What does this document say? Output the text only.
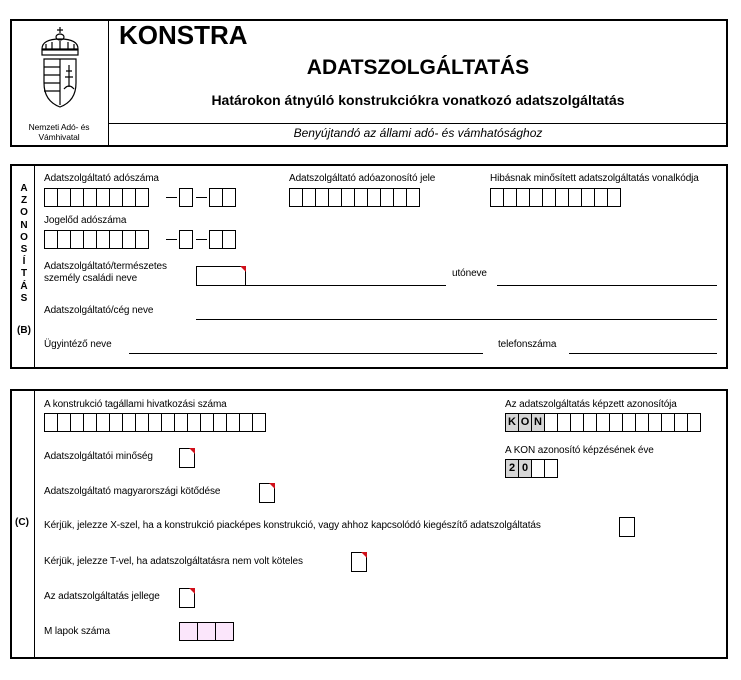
Nemzeti Adó- és Vámhivatal
KONSTRA
ADATSZOLGÁLTATÁS
Határokon átnyúló konstrukciókra vonatkozó adatszolgáltatás
Benyújtandó az állami adó- és vámhatósághoz
A
Z
O
N
O
S
Í
T
Á
S
(B)
Adatszolgáltató adószáma	Adatszolgáltató adóazonosító jele	Hibásnak minősített adatszolgáltatás vonalkódja
Jogelőd adószáma
Adatszolgáltató/természetes
személy családi neve	utóneve
Adatszolgáltató/cég neve
Ügyintéző neve	telefonszáma
(C)
A konstrukció tagállami hivatkozási száma	Az adatszolgáltatás képzett azonosítója
K O N
A KON azonosító képzésének éve
2 0
Adatszolgáltatói minőség
Adatszolgáltató magyarországi kötődése
Kérjük, jelezze X-szel, ha a konstrukció piacképes konstrukció, vagy ahhoz kapcsolódó kiegészítő adatszolgáltatás
Kérjük, jelezze T-vel, ha adatszolgáltatásra nem volt köteles
Az adatszolgáltatás jellege
M lapok száma
